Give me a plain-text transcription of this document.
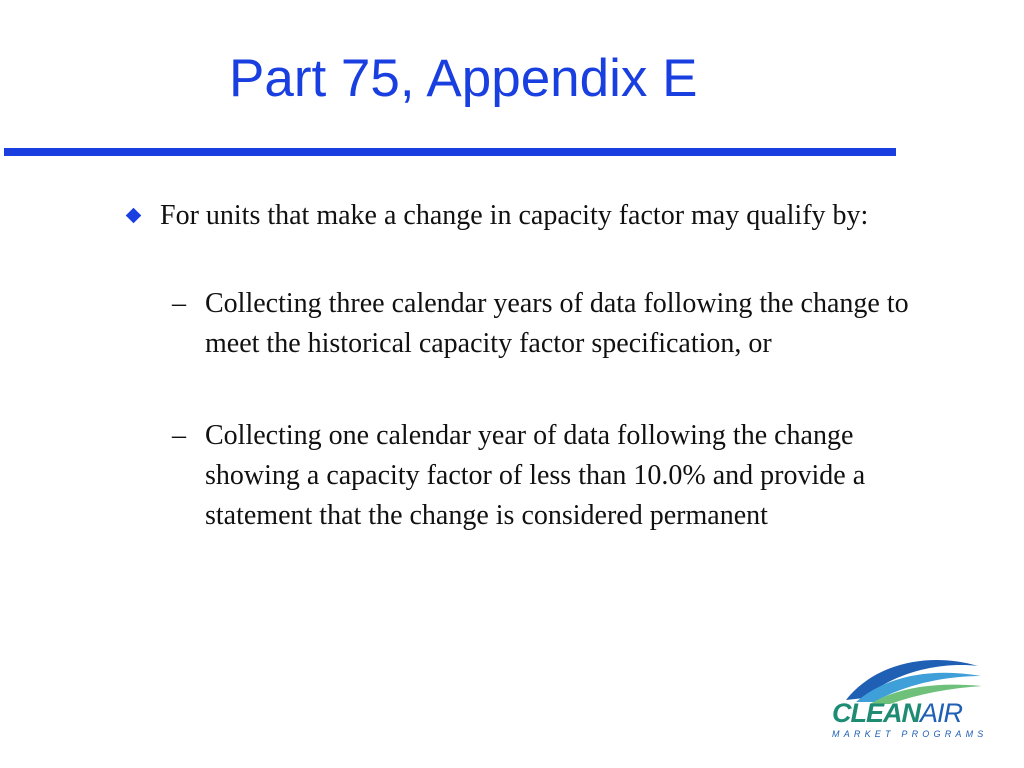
Part 75, Appendix E
For units that make a change in capacity factor may qualify by:
– Collecting three calendar years of data following the change to meet the historical capacity factor specification, or
– Collecting one calendar year of data following the change showing a capacity factor of less than 10.0% and provide a statement that the change is considered permanent
CLEANAIR
MARKET PROGRAMS
